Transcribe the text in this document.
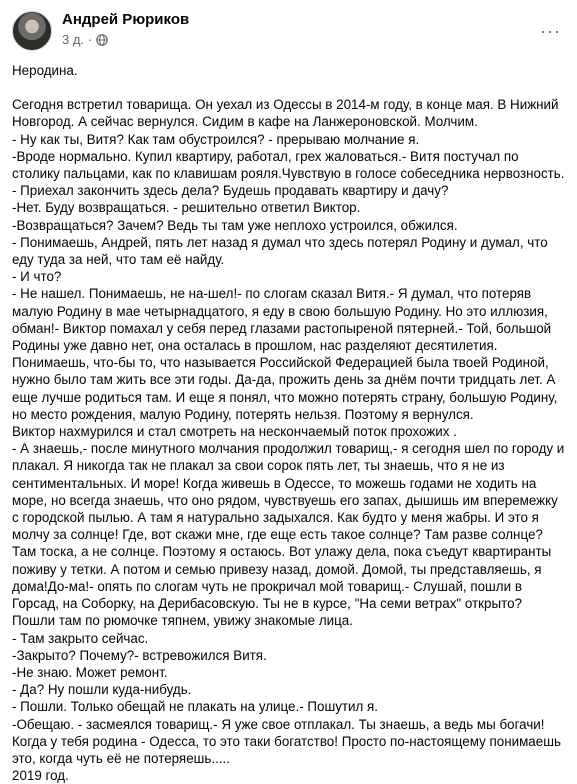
Андрей Рюриков
3 д. ·	···

Неродина.

Сегодня встретил товарища. Он уехал из Одессы в 2014-м году, в конце мая. В Нижний Новгород. А сейчас вернулся. Сидим в кафе на Ланжероновской. Молчим.

- Ну как ты, Витя? Как там обустроился? - прерываю молчание я.

-Вроде нормально. Купил квартиру, работал, грех жаловаться.- Витя постучал по столику пальцами, как по клавишам рояля.Чувствую в голосе собеседника нервозность.

- Приехал закончить здесь дела? Будешь продавать квартиру и дачу?

-Нет. Буду возвращаться. - решительно ответил Виктор.

-Возвращаться? Зачем? Ведь ты там уже неплохо устроился, обжился.

- Понимаешь, Андрей, пять лет назад я думал что здесь потерял Родину и думал, что еду туда за ней, что там её найду.

- И что?

- Не нашел. Понимаешь, не на-шел!- по слогам сказал Витя.- Я думал, что потеряв малую Родину в мае четырнадцатого, я еду в свою большую Родину. Но это иллюзия, обман!- Виктор помахал у себя перед глазами растопыреной пятерней.- Той, большой Родины уже давно нет, она осталась в прошлом, нас разделяют десятилетия. Понимаешь, что-бы то, что называется Российской Федерацией была твоей Родиной, нужно было там жить все эти годы. Да-да, прожить день за днём почти тридцать лет. А еще лучше родиться там. И еще я понял, что можно потерять страну, большую Родину, но место рождения, малую Родину, потерять нельзя. Поэтому я вернулся.

Виктор нахмурился и стал смотреть на нескончаемый поток прохожих .

- А знаешь,- после минутного молчания продолжил товарищ,- я сегодня шел по городу и плакал. Я никогда так не плакал за свои сорок пять лет, ты знаешь, что я не из сентиментальных. И море! Когда живешь в Одессе, то можешь годами не ходить на море, но всегда знаешь, что оно рядом, чувствуешь его запах, дышишь им вперемежку с городской пылью. А там я натурально задыхался. Как будто у меня жабры. И это я молчу за солнце! Где, вот скажи мне, где еще есть такое солнце? Там разве солнце? Там тоска, а не солнце. Поэтому я остаюсь. Вот улажу дела, пока съедут квартиранты поживу у тетки. А потом и семью привезу назад, домой. Домой, ты представляешь, я дома!До-ма!- опять по слогам чуть не прокричал мой товарищ.- Слушай, пошли в Горсад, на Соборку, на Дерибасовскую. Ты не в курсе, "На семи ветрах" открыто? Пошли там по рюмочке тяпнем, увижу знакомые лица.

- Там закрыто сейчас.

-Закрыто? Почему?- встревожился Витя.

-Не знаю. Может ремонт.

- Да? Ну пошли куда-нибудь.

- Пошли. Только обещай не плакать на улице.- Пошутил я.

-Обещаю. - засмеялся товарищ.- Я уже свое отплакал. Ты знаешь, а ведь мы богачи! Когда у тебя родина - Одесса, то это таки богатство! Просто по-настоящему понимаешь это, когда чуть её не потеряешь.....

2019 год.
